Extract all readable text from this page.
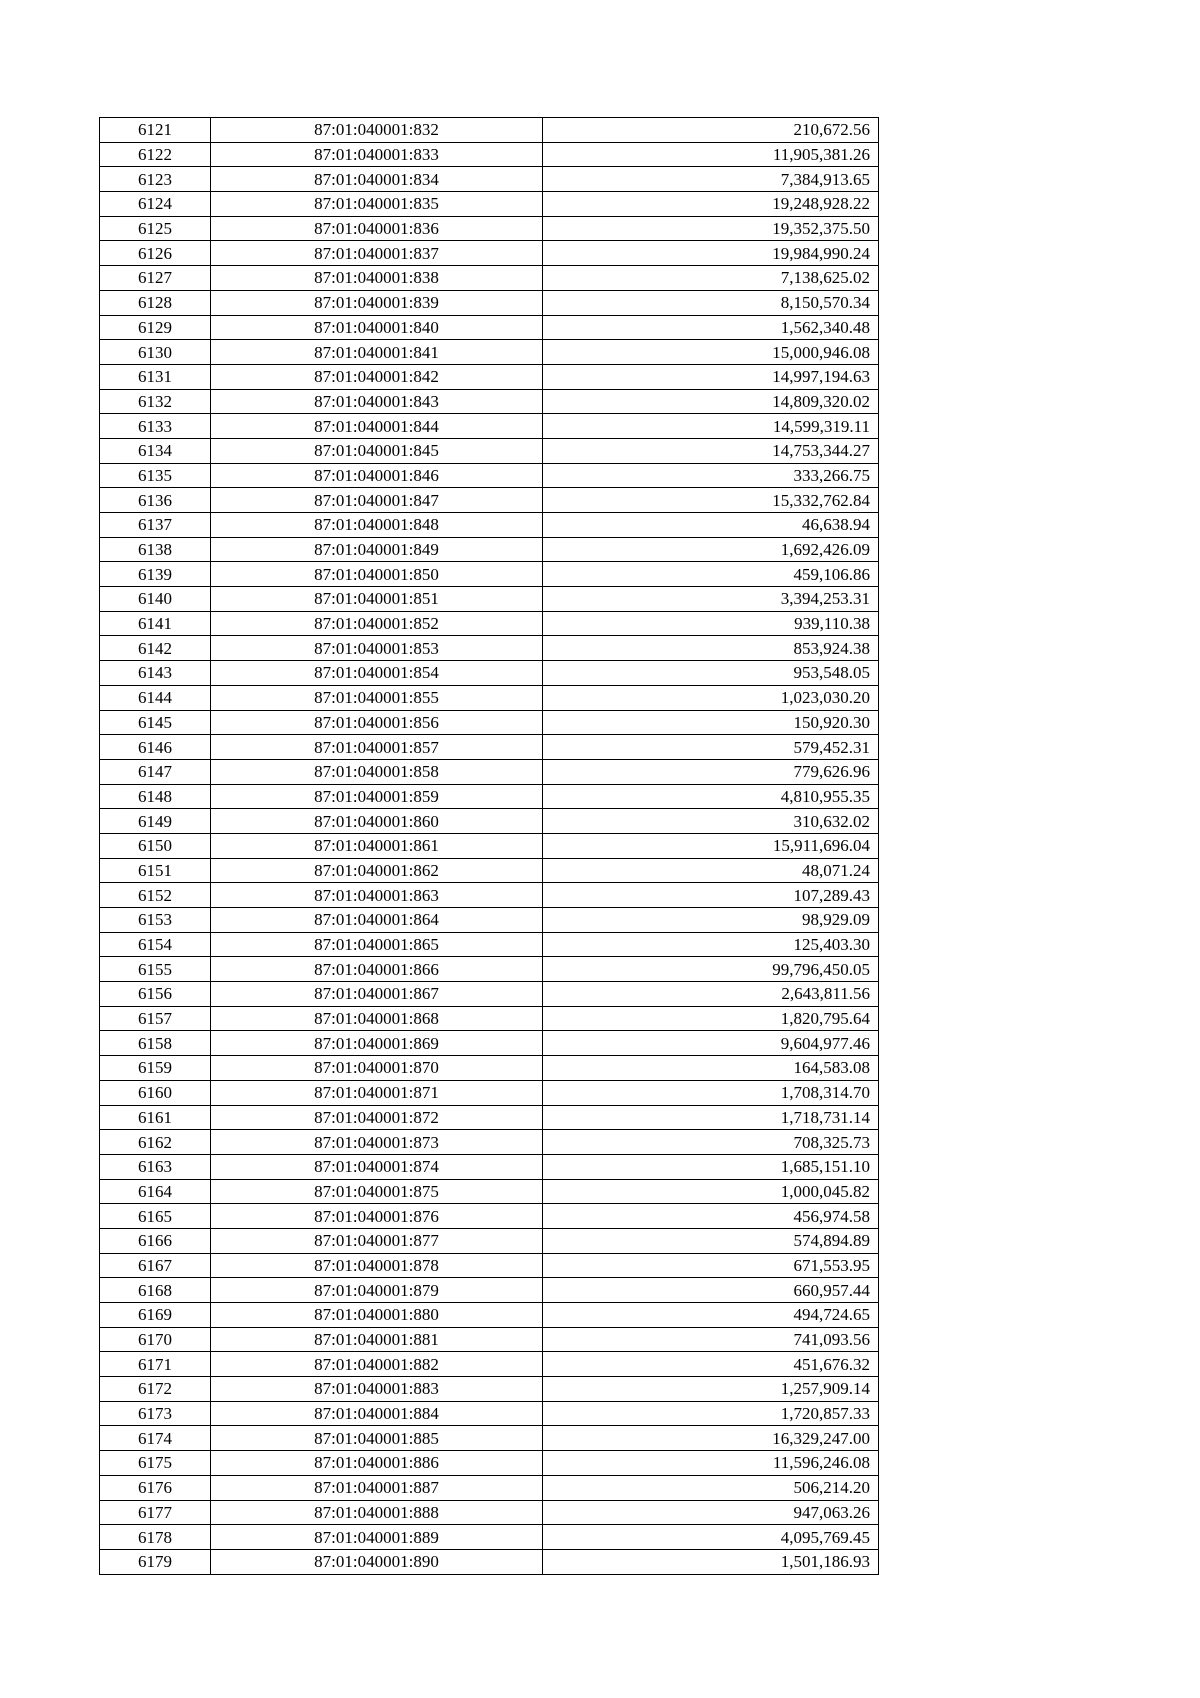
6121	87:01:040001:832	210,672.56
6122	87:01:040001:833	11,905,381.26
6123	87:01:040001:834	7,384,913.65
6124	87:01:040001:835	19,248,928.22
6125	87:01:040001:836	19,352,375.50
6126	87:01:040001:837	19,984,990.24
6127	87:01:040001:838	7,138,625.02
6128	87:01:040001:839	8,150,570.34
6129	87:01:040001:840	1,562,340.48
6130	87:01:040001:841	15,000,946.08
6131	87:01:040001:842	14,997,194.63
6132	87:01:040001:843	14,809,320.02
6133	87:01:040001:844	14,599,319.11
6134	87:01:040001:845	14,753,344.27
6135	87:01:040001:846	333,266.75
6136	87:01:040001:847	15,332,762.84
6137	87:01:040001:848	46,638.94
6138	87:01:040001:849	1,692,426.09
6139	87:01:040001:850	459,106.86
6140	87:01:040001:851	3,394,253.31
6141	87:01:040001:852	939,110.38
6142	87:01:040001:853	853,924.38
6143	87:01:040001:854	953,548.05
6144	87:01:040001:855	1,023,030.20
6145	87:01:040001:856	150,920.30
6146	87:01:040001:857	579,452.31
6147	87:01:040001:858	779,626.96
6148	87:01:040001:859	4,810,955.35
6149	87:01:040001:860	310,632.02
6150	87:01:040001:861	15,911,696.04
6151	87:01:040001:862	48,071.24
6152	87:01:040001:863	107,289.43
6153	87:01:040001:864	98,929.09
6154	87:01:040001:865	125,403.30
6155	87:01:040001:866	99,796,450.05
6156	87:01:040001:867	2,643,811.56
6157	87:01:040001:868	1,820,795.64
6158	87:01:040001:869	9,604,977.46
6159	87:01:040001:870	164,583.08
6160	87:01:040001:871	1,708,314.70
6161	87:01:040001:872	1,718,731.14
6162	87:01:040001:873	708,325.73
6163	87:01:040001:874	1,685,151.10
6164	87:01:040001:875	1,000,045.82
6165	87:01:040001:876	456,974.58
6166	87:01:040001:877	574,894.89
6167	87:01:040001:878	671,553.95
6168	87:01:040001:879	660,957.44
6169	87:01:040001:880	494,724.65
6170	87:01:040001:881	741,093.56
6171	87:01:040001:882	451,676.32
6172	87:01:040001:883	1,257,909.14
6173	87:01:040001:884	1,720,857.33
6174	87:01:040001:885	16,329,247.00
6175	87:01:040001:886	11,596,246.08
6176	87:01:040001:887	506,214.20
6177	87:01:040001:888	947,063.26
6178	87:01:040001:889	4,095,769.45
6179	87:01:040001:890	1,501,186.93
